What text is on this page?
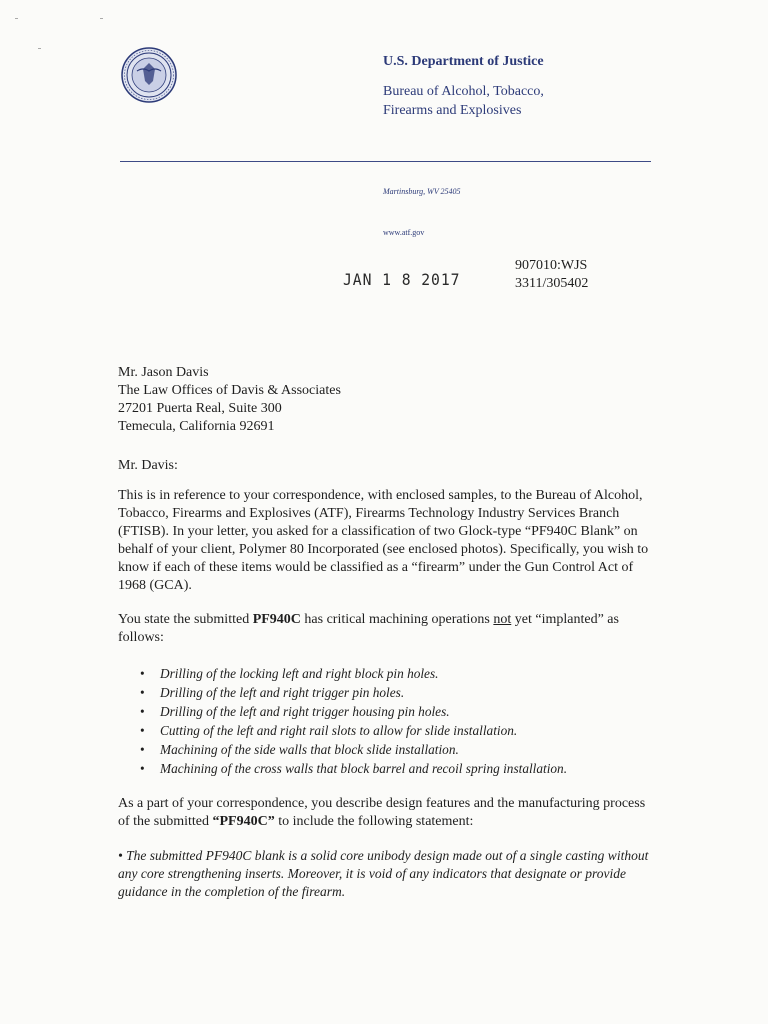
U.S. Department of Justice
Bureau of Alcohol, Tobacco,
Firearms and Explosives
Martinsburg, WV 25405
www.atf.gov
JAN 1 8 2017
907010:WJS
3311/305402
Mr. Jason Davis
The Law Offices of Davis & Associates
27201 Puerta Real, Suite 300
Temecula, California 92691
Mr. Davis:
This is in reference to your correspondence, with enclosed samples, to the Bureau of Alcohol, Tobacco, Firearms and Explosives (ATF), Firearms Technology Industry Services Branch (FTISB). In your letter, you asked for a classification of two Glock-type “PF940C Blank” on behalf of your client, Polymer 80 Incorporated (see enclosed photos). Specifically, you wish to know if each of these items would be classified as a “firearm” under the Gun Control Act of 1968 (GCA).
You state the submitted PF940C has critical machining operations not yet “implanted” as follows:
• Drilling of the locking left and right block pin holes.
• Drilling of the left and right trigger pin holes.
• Drilling of the left and right trigger housing pin holes.
• Cutting of the left and right rail slots to allow for slide installation.
• Machining of the side walls that block slide installation.
• Machining of the cross walls that block barrel and recoil spring installation.
As a part of your correspondence, you describe design features and the manufacturing process of the submitted “PF940C” to include the following statement:
• The submitted PF940C blank is a solid core unibody design made out of a single casting without any core strengthening inserts. Moreover, it is void of any indicators that designate or provide guidance in the completion of the firearm.
